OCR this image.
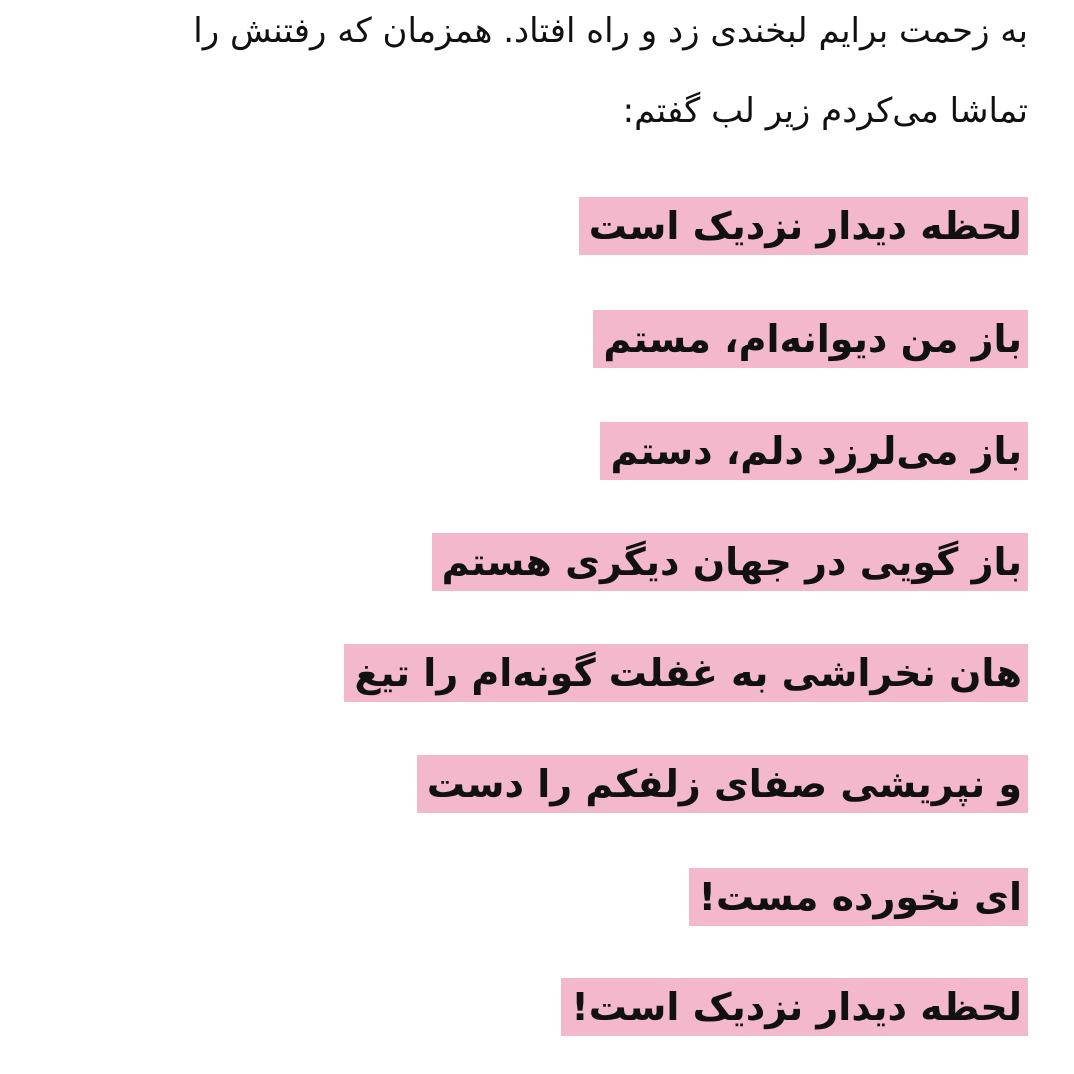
به زحمت برایم لبخندی زد و راه افتاد. همزمان که رفتنش را
تماشا می‌کردم زیر لب گفتم:
لحظه دیدار نزدیک است
باز من دیوانه‌ام، مستم
باز می‌لرزد دلم، دستم
باز گویی در جهان دیگری هستم
هان نخراشی به غفلت گونه‌ام را تیغ
و نپریشی صفای زلفکم را دست
ای نخورده مست!
لحظه دیدار نزدیک است!
